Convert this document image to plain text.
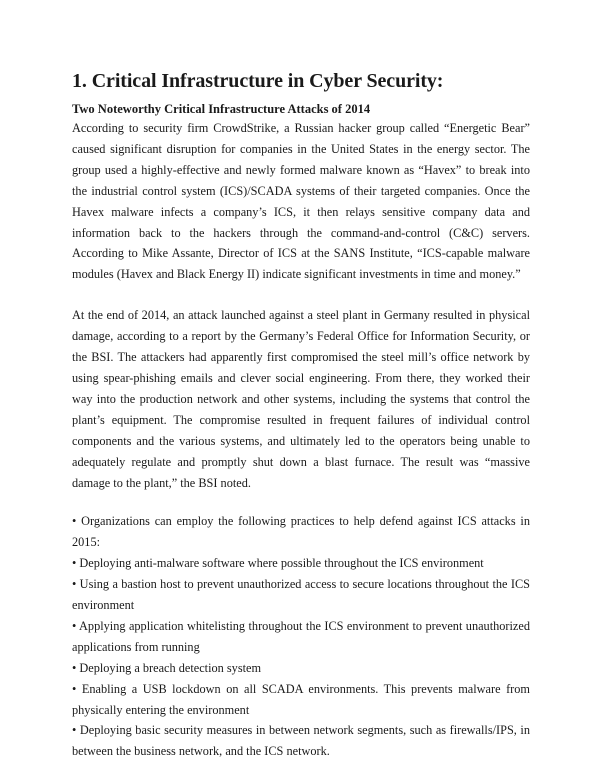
1. Critical Infrastructure in Cyber Security:
Two Noteworthy Critical Infrastructure Attacks of 2014

According to security firm CrowdStrike, a Russian hacker group called “Energetic Bear” caused significant disruption for companies in the United States in the energy sector. The group used a highly-effective and newly formed malware known as “Havex” to break into the industrial control system (ICS)/SCADA systems of their targeted companies. Once the Havex malware infects a company’s ICS, it then relays sensitive company data and information back to the hackers through the command-and-control (C&C) servers. According to Mike Assante, Director of ICS at the SANS Institute, “ICS-capable malware modules (Havex and Black Energy II) indicate significant investments in time and money.”

At the end of 2014, an attack launched against a steel plant in Germany resulted in physical damage, according to a report by the Germany’s Federal Office for Information Security, or the BSI. The attackers had apparently first compromised the steel mill’s office network by using spear-phishing emails and clever social engineering. From there, they worked their way into the production network and other systems, including the systems that control the plant’s equipment. The compromise resulted in frequent failures of individual control components and the various systems, and ultimately led to the operators being unable to adequately regulate and promptly shut down a blast furnace. The result was “massive damage to the plant,” the BSI noted.

• Organizations can employ the following practices to help defend against ICS attacks in 2015:

• Deploying anti-malware software where possible throughout the ICS environment

• Using a bastion host to prevent unauthorized access to secure locations throughout the ICS environment

• Applying application whitelisting throughout the ICS environment to prevent unauthorized applications from running

• Deploying a breach detection system

• Enabling a USB lockdown on all SCADA environments. This prevents malware from physically entering the environment

• Deploying basic security measures in between network segments, such as firewalls/IPS, in between the business network, and the ICS network.
